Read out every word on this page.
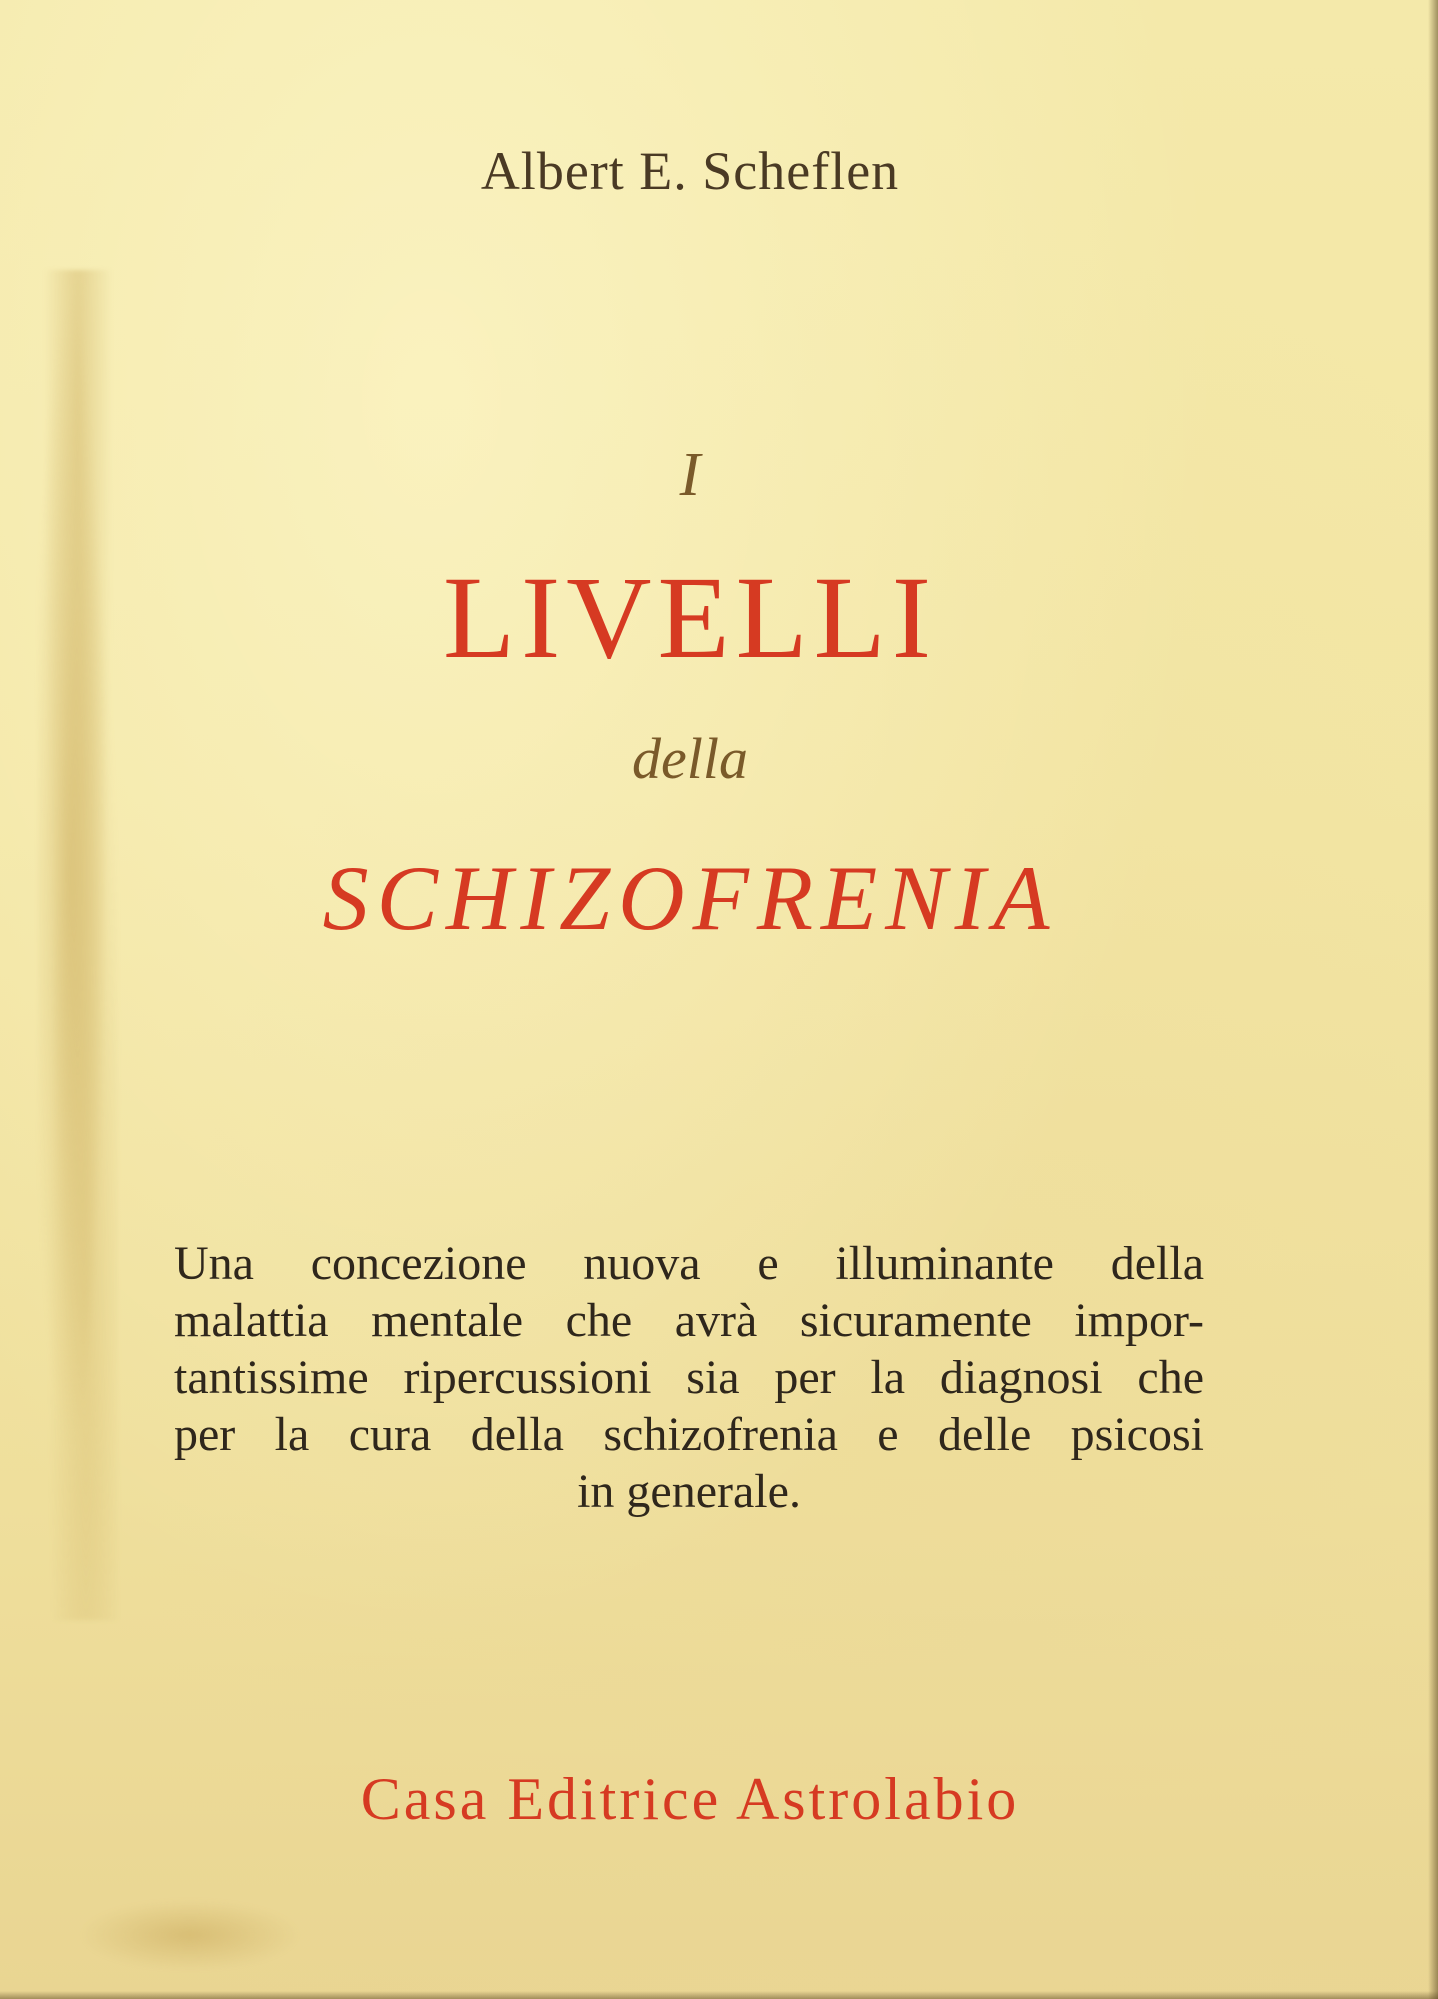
Albert E. Scheflen
I
LIVELLI
della
SCHIZOFRENIA
Una concezione nuova e illuminante della
malattia mentale che avrà sicuramente impor-
tantissime ripercussioni sia per la diagnosi che
per la cura della schizofrenia e delle psicosi
in generale.
Casa Editrice Astrolabio
